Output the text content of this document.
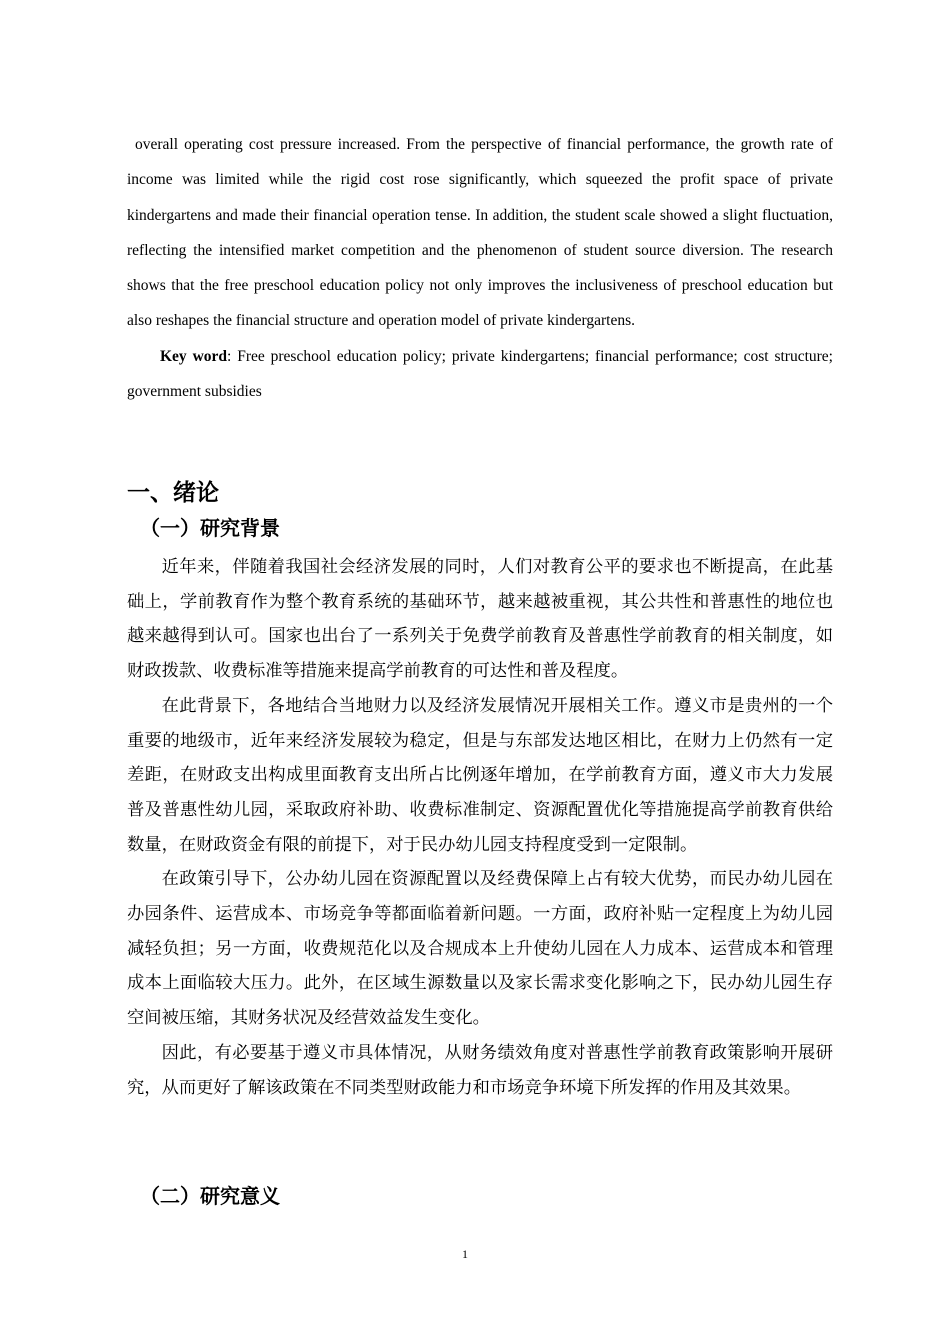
overall operating cost pressure increased. From the perspective of financial performance, the growth rate of income was limited while the rigid cost rose significantly, which squeezed the profit space of private kindergartens and made their financial operation tense. In addition, the student scale showed a slight fluctuation, reflecting the intensified market competition and the phenomenon of student source diversion. The research shows that the free preschool education policy not only improves the inclusiveness of preschool education but also reshapes the financial structure and operation model of private kindergartens.

Key word: Free preschool education policy; private kindergartens; financial performance; cost structure; government subsidies

一、绪论
（一）研究背景

近年来，伴随着我国社会经济发展的同时，人们对教育公平的要求也不断提高，在此基础上，学前教育作为整个教育系统的基础环节，越来越被重视，其公共性和普惠性的地位也越来越得到认可。国家也出台了一系列关于免费学前教育及普惠性学前教育的相关制度，如财政拨款、收费标准等措施来提高学前教育的可达性和普及程度。

在此背景下，各地结合当地财力以及经济发展情况开展相关工作。遵义市是贵州的一个重要的地级市，近年来经济发展较为稳定，但是与东部发达地区相比，在财力上仍然有一定差距，在财政支出构成里面教育支出所占比例逐年增加，在学前教育方面，遵义市大力发展普及普惠性幼儿园，采取政府补助、收费标准制定、资源配置优化等措施提高学前教育供给数量，在财政资金有限的前提下，对于民办幼儿园支持程度受到一定限制。

在政策引导下，公办幼儿园在资源配置以及经费保障上占有较大优势，而民办幼儿园在办园条件、运营成本、市场竞争等都面临着新问题。一方面，政府补贴一定程度上为幼儿园减轻负担；另一方面，收费规范化以及合规成本上升使幼儿园在人力成本、运营成本和管理成本上面临较大压力。此外，在区域生源数量以及家长需求变化影响之下，民办幼儿园生存空间被压缩，其财务状况及经营效益发生变化。

因此，有必要基于遵义市具体情况，从财务绩效角度对普惠性学前教育政策影响开展研究，从而更好了解该政策在不同类型财政能力和市场竞争环境下所发挥的作用及其效果。

（二）研究意义
1
